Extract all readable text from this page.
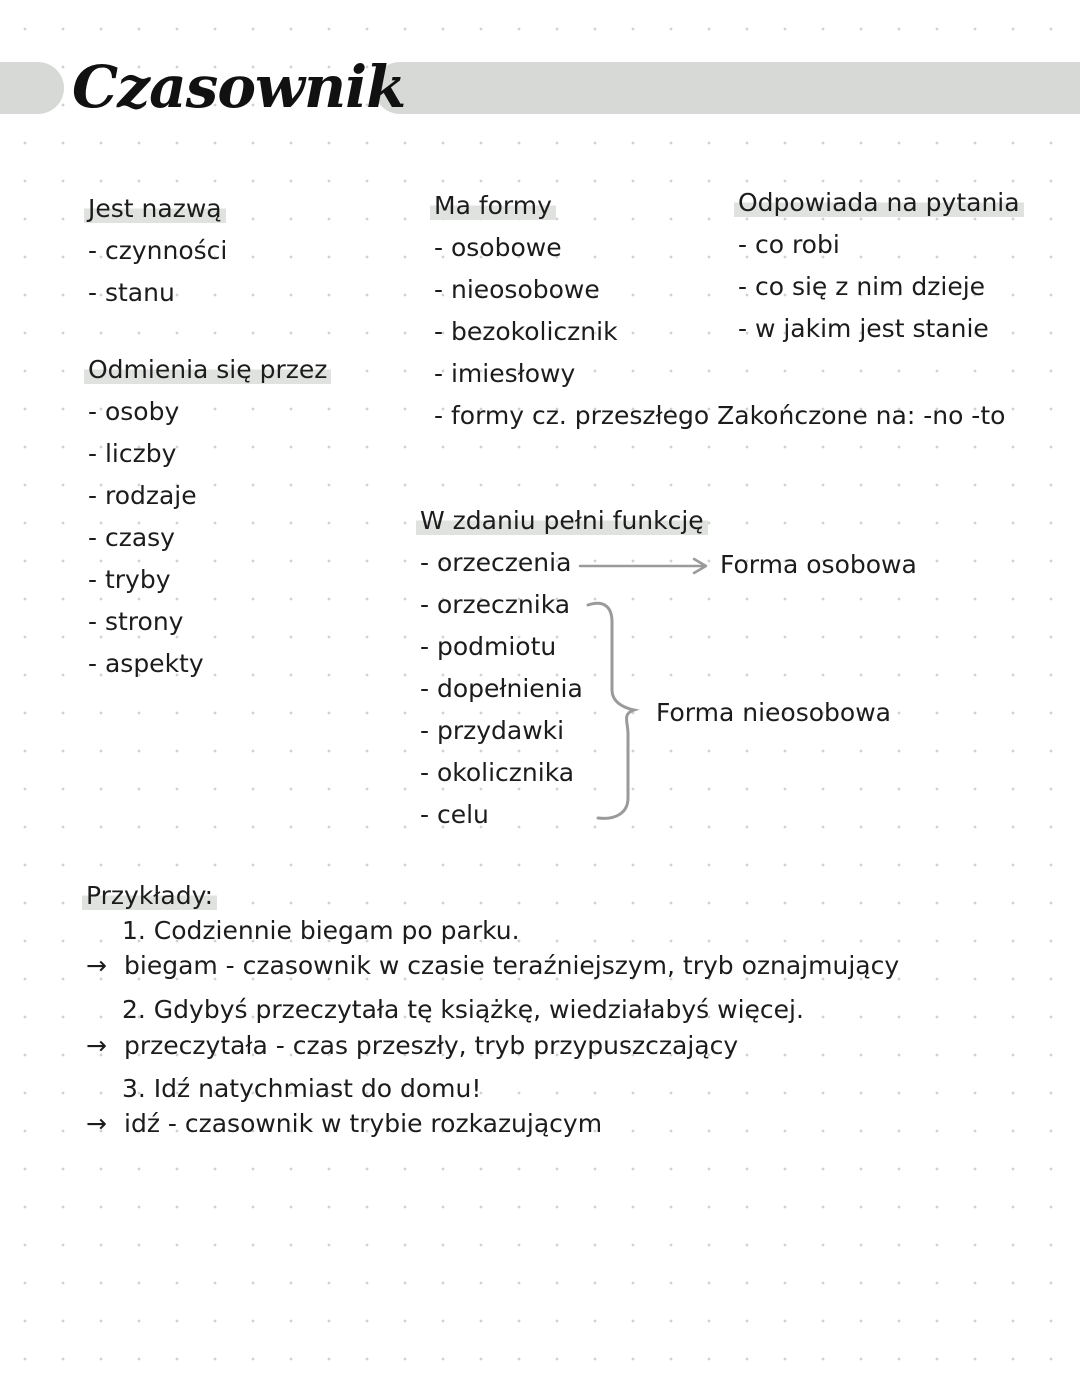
Czasownik
Jest nazwą
- czynności
- stanu
Odmienia się przez
- osoby
- liczby
- rodzaje
- czasy
- tryby
- strony
- aspekty
Ma formy
- osobowe
- nieosobowe
- bezokolicznik
- imiesłowy
- formy cz. przeszłego Zakończone na: -no -to
Odpowiada na pytania
- co robi
- co się z nim dzieje
- w jakim jest stanie
W zdaniu pełni funkcję
- orzeczenia
- orzecznika
- podmiotu
- dopełnienia
- przydawki
- okolicznika
- celu
Forma osobowa
Forma nieosobowa
Przykłady:
1. Codziennie biegam po parku.
→ biegam - czasownik w czasie teraźniejszym, tryb oznajmujący
2. Gdybyś przeczytała tę książkę, wiedziałabyś więcej.
→ przeczytała - czas przeszły, tryb przypuszczający
3. Idź natychmiast do domu!
→ idź - czasownik w trybie rozkazującym
